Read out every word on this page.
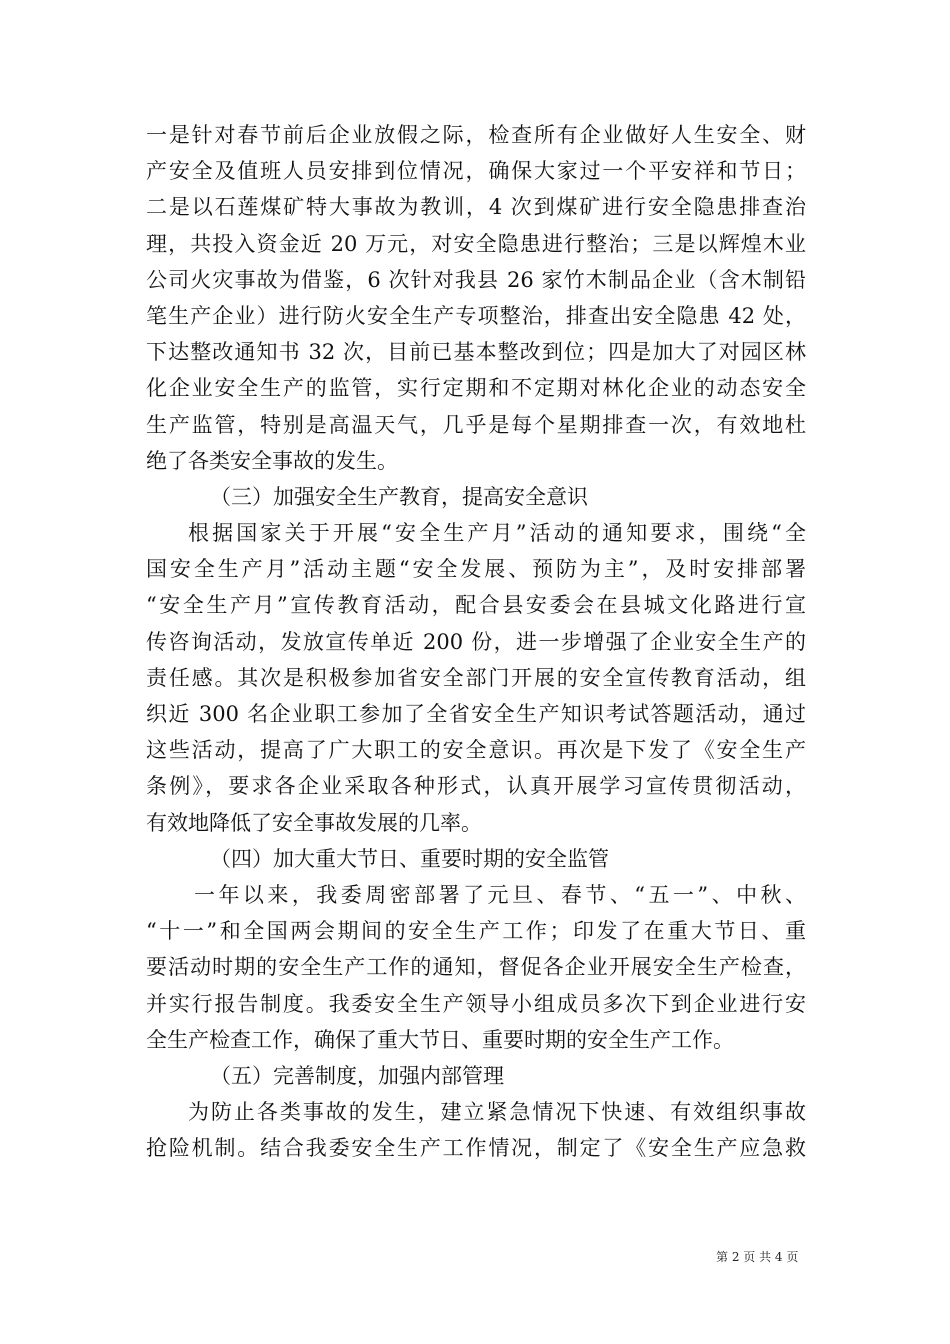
一是针对春节前后企业放假之际，检查所有企业做好人生安全、财
产安全及值班人员安排到位情况，确保大家过一个平安祥和节日；
二是以石莲煤矿特大事故为教训，4 次到煤矿进行安全隐患排查治
理，共投入资金近 20 万元，对安全隐患进行整治；三是以辉煌木业
公司火灾事故为借鉴，6 次针对我县 26 家竹木制品企业（含木制铅
笔生产企业）进行防火安全生产专项整治，排查出安全隐患 42 处，
下达整改通知书 32 次，目前已基本整改到位；四是加大了对园区林
化企业安全生产的监管，实行定期和不定期对林化企业的动态安全
生产监管，特别是高温天气，几乎是每个星期排查一次，有效地杜
绝了各类安全事故的发生。
（三）加强安全生产教育，提高安全意识
根据国家关于开展“安全生产月”活动的通知要求，围绕“全
国安全生产月”活动主题“安全发展、预防为主”，及时安排部署
“安全生产月”宣传教育活动，配合县安委会在县城文化路进行宣
传咨询活动，发放宣传单近 200 份，进一步增强了企业安全生产的
责任感。其次是积极参加省安全部门开展的安全宣传教育活动，组
织近 300 名企业职工参加了全省安全生产知识考试答题活动，通过
这些活动，提高了广大职工的安全意识。再次是下发了《安全生产
条例》，要求各企业采取各种形式，认真开展学习宣传贯彻活动，
有效地降低了安全事故发展的几率。
（四）加大重大节日、重要时期的安全监管
一年以来，我委周密部署了元旦、春节、“五一”、中秋、
“十一”和全国两会期间的安全生产工作；印发了在重大节日、重
要活动时期的安全生产工作的通知，督促各企业开展安全生产检查，
并实行报告制度。我委安全生产领导小组成员多次下到企业进行安
全生产检查工作，确保了重大节日、重要时期的安全生产工作。
（五）完善制度，加强内部管理
为防止各类事故的发生，建立紧急情况下快速、有效组织事故
抢险机制。结合我委安全生产工作情况，制定了《安全生产应急救
第 2 页 共 4 页
